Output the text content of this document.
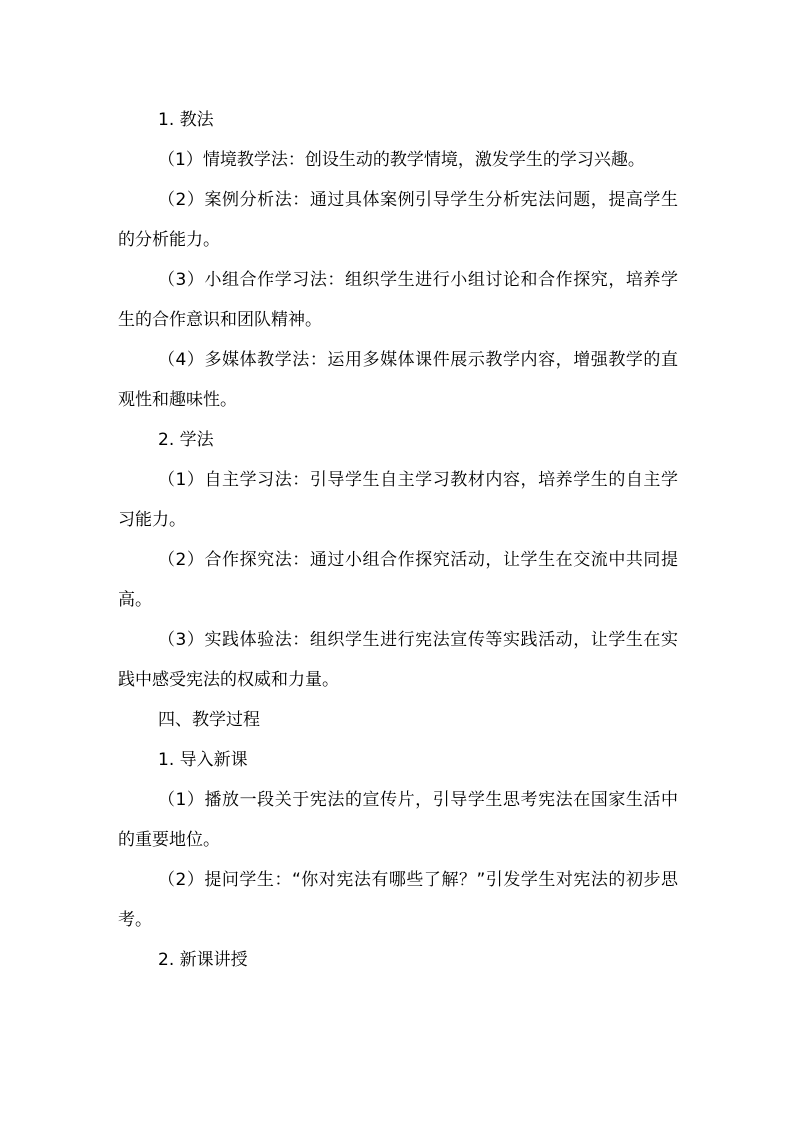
1. 教法

（1）情境教学法：创设生动的教学情境，激发学生的学习兴趣。

（2）案例分析法：通过具体案例引导学生分析宪法问题，提高学生的分析能力。

（3）小组合作学习法：组织学生进行小组讨论和合作探究，培养学生的合作意识和团队精神。

（4）多媒体教学法：运用多媒体课件展示教学内容，增强教学的直观性和趣味性。

2. 学法

（1）自主学习法：引导学生自主学习教材内容，培养学生的自主学习能力。

（2）合作探究法：通过小组合作探究活动，让学生在交流中共同提高。

（3）实践体验法：组织学生进行宪法宣传等实践活动，让学生在实践中感受宪法的权威和力量。

四、教学过程

1. 导入新课

（1）播放一段关于宪法的宣传片，引导学生思考宪法在国家生活中的重要地位。

（2）提问学生：“你对宪法有哪些了解？”引发学生对宪法的初步思考。

2. 新课讲授
